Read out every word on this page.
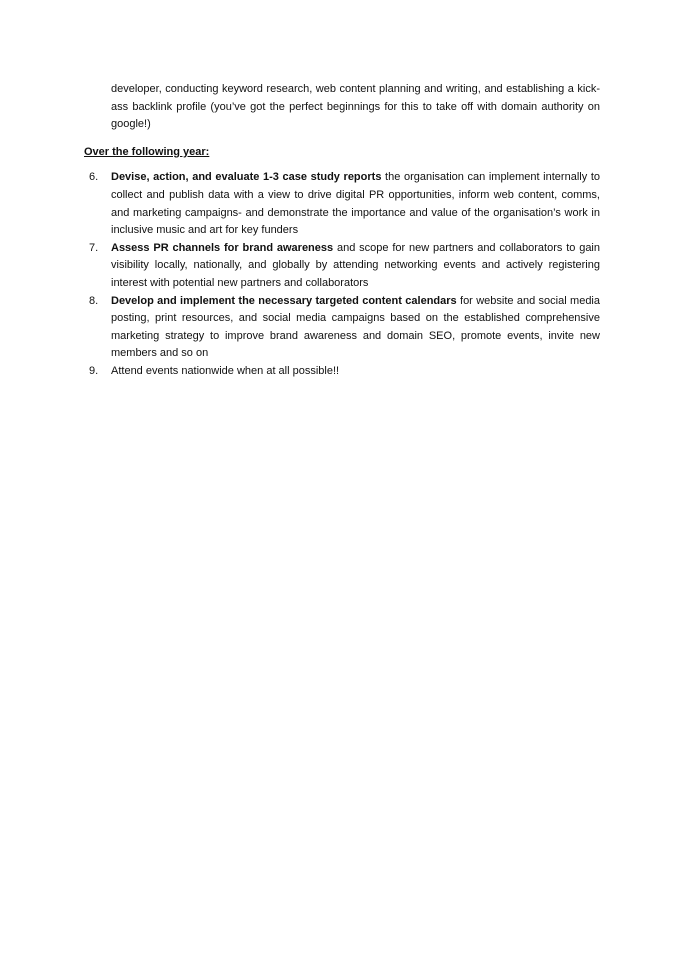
developer, conducting keyword research, web content planning and writing, and establishing a kick-ass backlink profile (you’ve got the perfect beginnings for this to take off with domain authority on google!)

Over the following year:
6. Devise, action, and evaluate 1-3 case study reports the organisation can implement internally to collect and publish data with a view to drive digital PR opportunities, inform web content, comms, and marketing campaigns- and demonstrate the importance and value of the organisation’s work in inclusive music and art for key funders
7. Assess PR channels for brand awareness and scope for new partners and collaborators to gain visibility locally, nationally, and globally by attending networking events and actively registering interest with potential new partners and collaborators
8. Develop and implement the necessary targeted content calendars for website and social media posting, print resources, and social media campaigns based on the established comprehensive marketing strategy to improve brand awareness and domain SEO, promote events, invite new members and so on
9. Attend events nationwide when at all possible!!
